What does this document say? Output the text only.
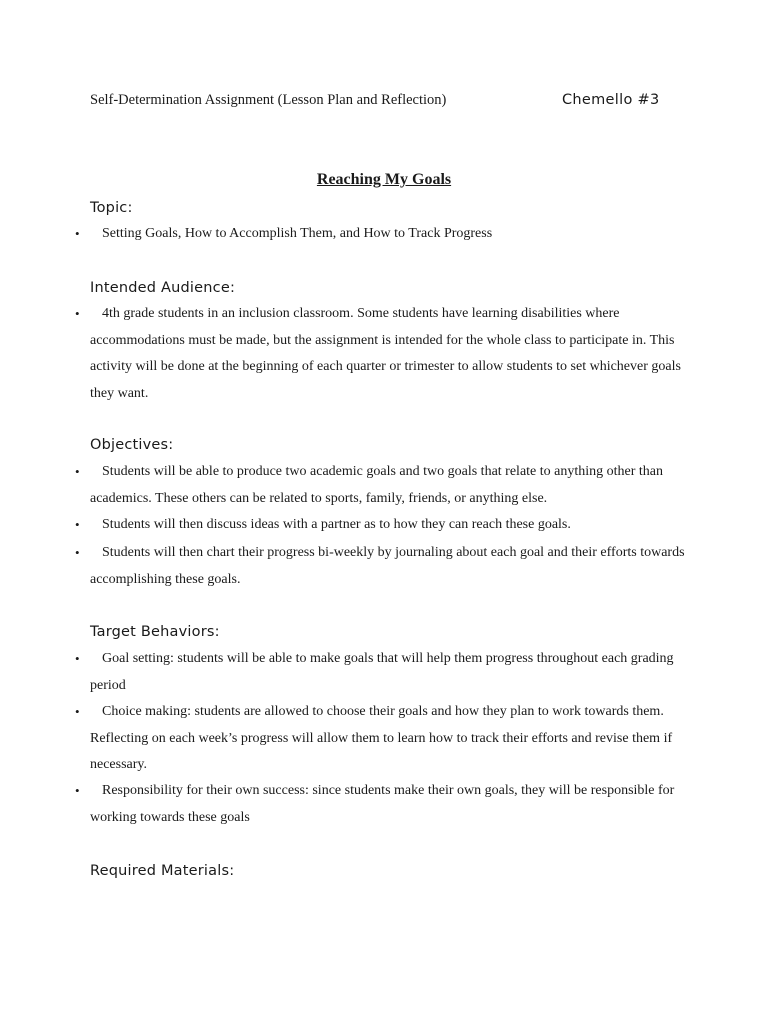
Self-Determination Assignment (Lesson Plan and Reflection)	Chemello #3
Reaching My Goals
Topic:
• Setting Goals, How to Accomplish Them, and How to Track Progress
Intended Audience:
• 4th grade students in an inclusion classroom. Some students have learning disabilities where accommodations must be made, but the assignment is intended for the whole class to participate in. This activity will be done at the beginning of each quarter or trimester to allow students to set whichever goals they want.
Objectives:
• Students will be able to produce two academic goals and two goals that relate to anything other than academics. These others can be related to sports, family, friends, or anything else.
• Students will then discuss ideas with a partner as to how they can reach these goals.
• Students will then chart their progress bi-weekly by journaling about each goal and their efforts towards accomplishing these goals.
Target Behaviors:
• Goal setting: students will be able to make goals that will help them progress throughout each grading period
• Choice making: students are allowed to choose their goals and how they plan to work towards them. Reflecting on each week’s progress will allow them to learn how to track their efforts and revise them if necessary.
• Responsibility for their own success: since students make their own goals, they will be responsible for working towards these goals
Required Materials:
